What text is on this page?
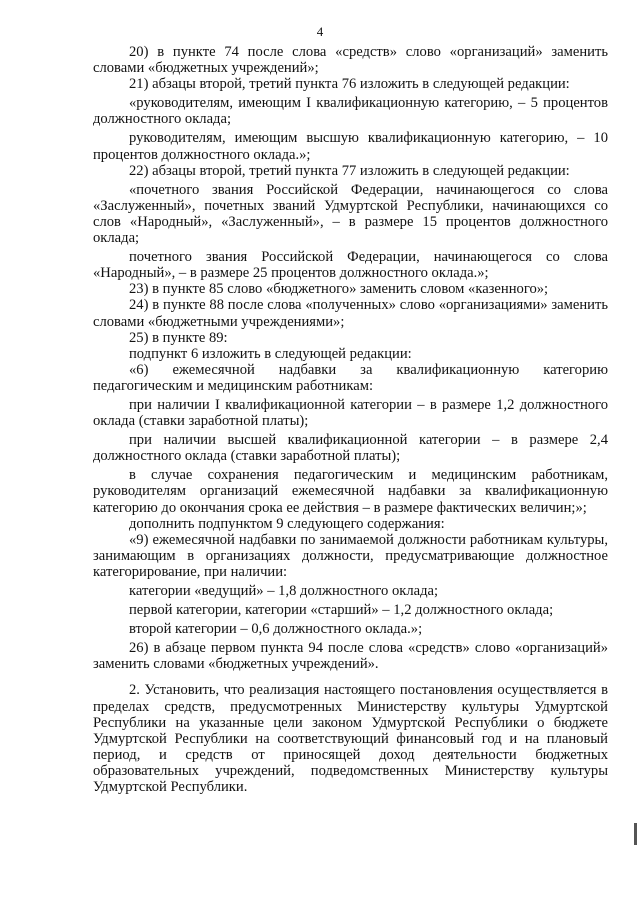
4

20) в пункте 74 после слова «средств» слово «организаций» заменить словами «бюджетных учреждений»;

21) абзацы второй, третий пункта 76 изложить в следующей редакции:

«руководителям, имеющим I квалификационную категорию, – 5 процентов должностного оклада;

руководителям, имеющим высшую квалификационную категорию, – 10 процентов должностного оклада.»;

22) абзацы второй, третий пункта 77 изложить в следующей редакции:

«почетного звания Российской Федерации, начинающегося со слова «Заслуженный», почетных званий Удмуртской Республики, начинающихся со слов «Народный», «Заслуженный», – в размере 15 процентов должностного оклада;

почетного звания Российской Федерации, начинающегося со слова «Народный», – в размере 25 процентов должностного оклада.»;

23) в пункте 85 слово «бюджетного» заменить словом «казенного»;

24) в пункте 88 после слова «полученных» слово «организациями» заменить словами «бюджетными учреждениями»;

25) в пункте 89:

подпункт 6 изложить в следующей редакции:

«6) ежемесячной надбавки за квалификационную категорию педагогическим и медицинским работникам:

при наличии I квалификационной категории – в размере 1,2 должностного оклада (ставки заработной платы);

при наличии высшей квалификационной категории – в размере 2,4 должностного оклада (ставки заработной платы);

в случае сохранения педагогическим и медицинским работникам, руководителям организаций ежемесячной надбавки за квалификационную категорию до окончания срока ее действия – в размере фактических величин;»;

дополнить подпунктом 9 следующего содержания:

«9) ежемесячной надбавки по занимаемой должности работникам культуры, занимающим в организациях должности, предусматривающие должностное категорирование, при наличии:

категории «ведущий» – 1,8 должностного оклада;

первой категории, категории «старший» – 1,2 должностного оклада;

второй категории – 0,6 должностного оклада.»;

26) в абзаце первом пункта 94 после слова «средств» слово «организаций» заменить словами «бюджетных учреждений».

2. Установить, что реализация настоящего постановления осуществляется в пределах средств, предусмотренных Министерству культуры Удмуртской Республики на указанные цели законом Удмуртской Республики о бюджете Удмуртской Республики на соответствующий финансовый год и на плановый период, и средств от приносящей доход деятельности бюджетных образовательных учреждений, подведомственных Министерству культуры Удмуртской Республики.
